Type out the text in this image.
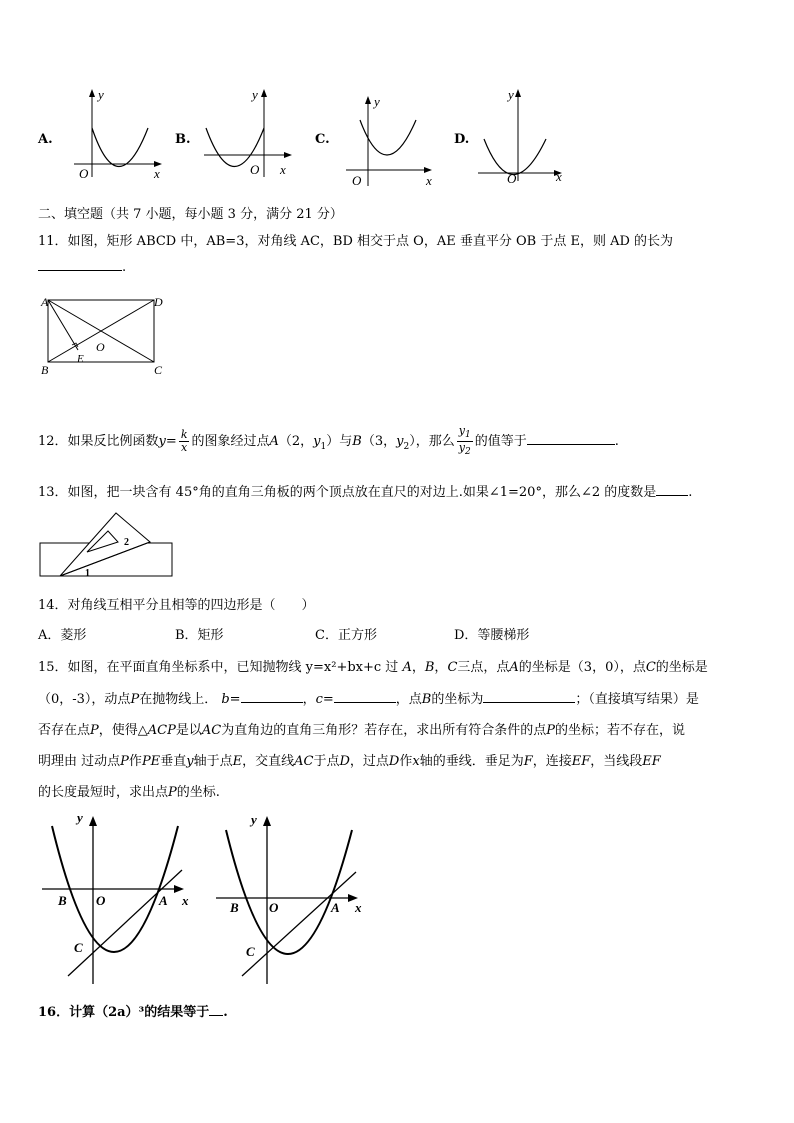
A.
y
O	x
B.
y
O x
C.
y
O	x
D.
y
O	x
二、填空题（共 7 小题，每小题 3 分，满分 21 分）
11．如图，矩形 ABCD 中，AB=3，对角线 AC，BD 相交于点 O，AE 垂直平分 OB 于点 E，则 AD 的长为
.
A	D
B	C
E
O
12．如果反比例函数$y= \frac{k}{x}$ 的图象经过点A（2，$y_1$）与B（3，$y_2$），那么 $\frac{y_1}{y_2}$ 的值等于	.
13．如图，把一块含有 45°角的直角三角板的两个顶点放在直尺的对边上.如果∠1=20°，那么∠2 的度数是 .
2
1
14．对角线互相平分且相等的四边形是（　　）
A．菱形	B．矩形	C．正方形	D．等腰梯形
15．如图，在平面直角坐标系中，已知抛物线 y=x²+bx+c 过 A，B，C三点，点A的坐标是（3，0），点C的坐标是
（0，-3），动点P在抛物线上． b=	，c=	，点B的坐标为	；（直接填写结果）是
否存在点P，使得△ACP是以AC为直角边的直角三角形？若存在，求出所有符合条件的点P的坐标；若不存在，说
明理由 过动点P作PE垂直y轴于点E，交直线AC于点D，过点D作x轴的垂线．垂足为F，连接EF，当线段EF
的长度最短时，求出点P的坐标.
y
x
B O	A
C
y
x
B O	A
C
16．计算（2a）³的结果等于 .
